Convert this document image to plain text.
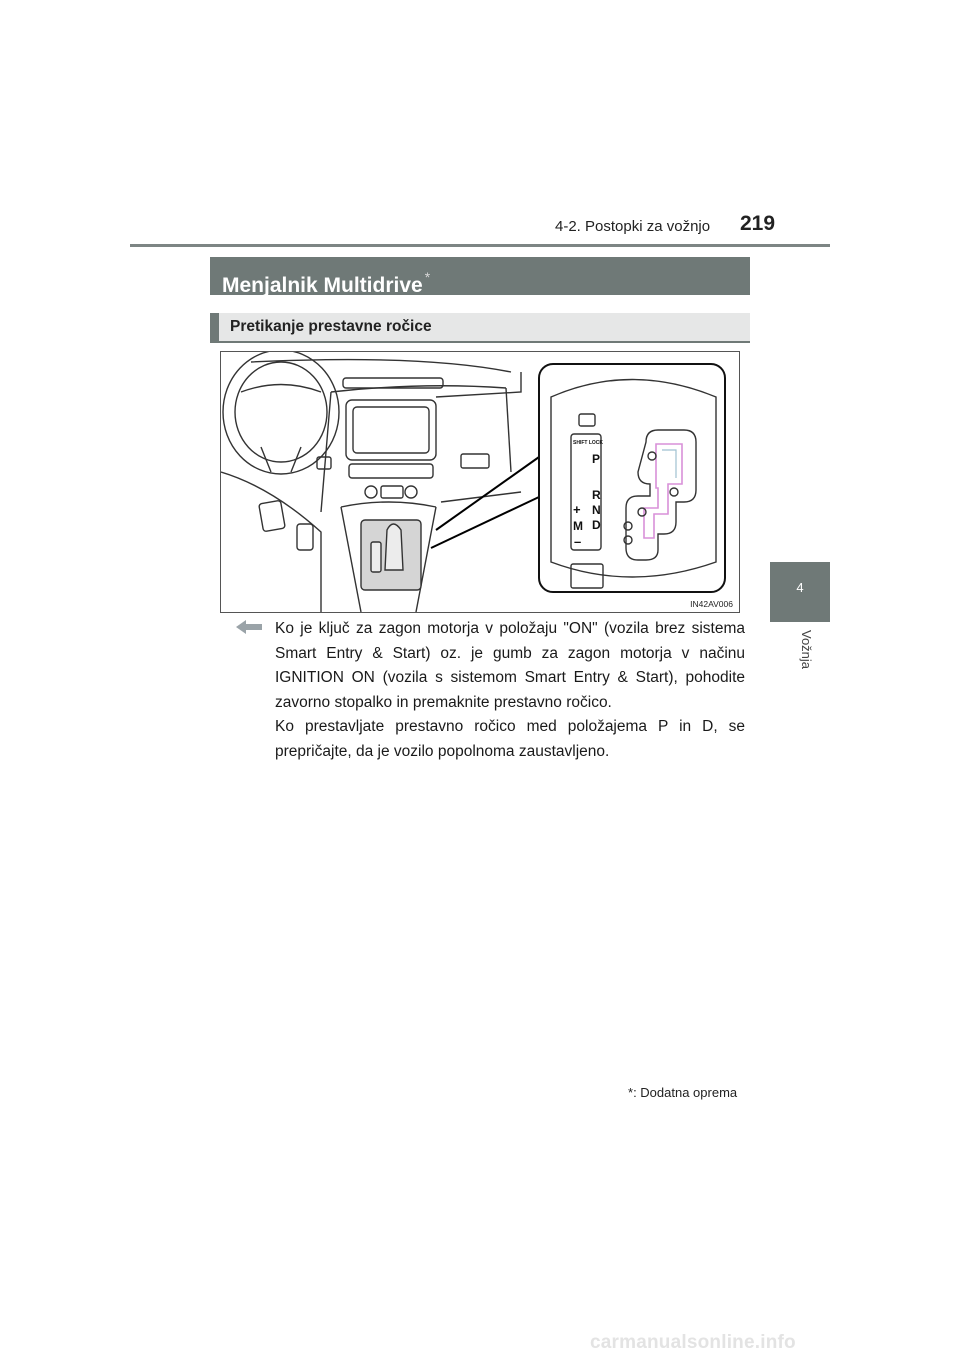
4-2. Postopki za vožnjo 219
4
Vožnja
Menjalnik Multidrive *
Pretikanje prestavne ročice
SHIFT LOCK
P
R
N
D
+
M
–
IN42AV006

Ko je ključ za zagon motorja v položaju "ON" (vozila brez sistema Smart Entry & Start) oz. je gumb za zagon motorja v načinu IGNITION ON (vozila s sistemom Smart Entry & Start), pohodite zavorno stopalko in premaknite prestavno ročico.

Ko prestavljate prestavno ročico med položajema P in D, se prepričajte, da je vozilo popolnoma zaustavljeno.

*: Dodatna oprema
carmanualsonline.info
